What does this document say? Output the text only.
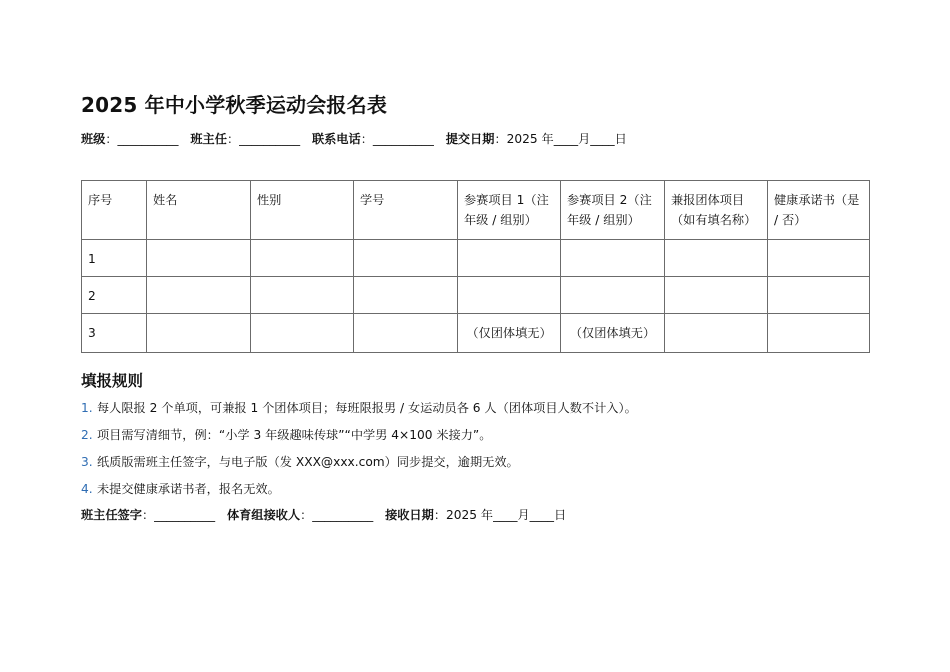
2025 年中小学秋季运动会报名表
班级：__________ 班主任：__________ 联系电话：__________ 提交日期：2025 年____月____日
序号	姓名	性别	学号	参赛项目 1（注年级 / 组别）	参赛项目 2（注年级 / 组别）	兼报团体项目（如有填名称）	健康承诺书（是 / 否）
1							
2							
3				（仅团体填无）	（仅团体填无）		
填报规则
1. 每人限报 2 个单项，可兼报 1 个团体项目；每班限报男 / 女运动员各 6 人（团体项目人数不计入）。
2. 项目需写清细节，例：“小学 3 年级趣味传球”“中学男 4×100 米接力”。
3. 纸质版需班主任签字，与电子版（发 XXX@xxx.com）同步提交，逾期无效。
4. 未提交健康承诺书者，报名无效。
班主任签字：__________ 体育组接收人：__________ 接收日期：2025 年____月____日
